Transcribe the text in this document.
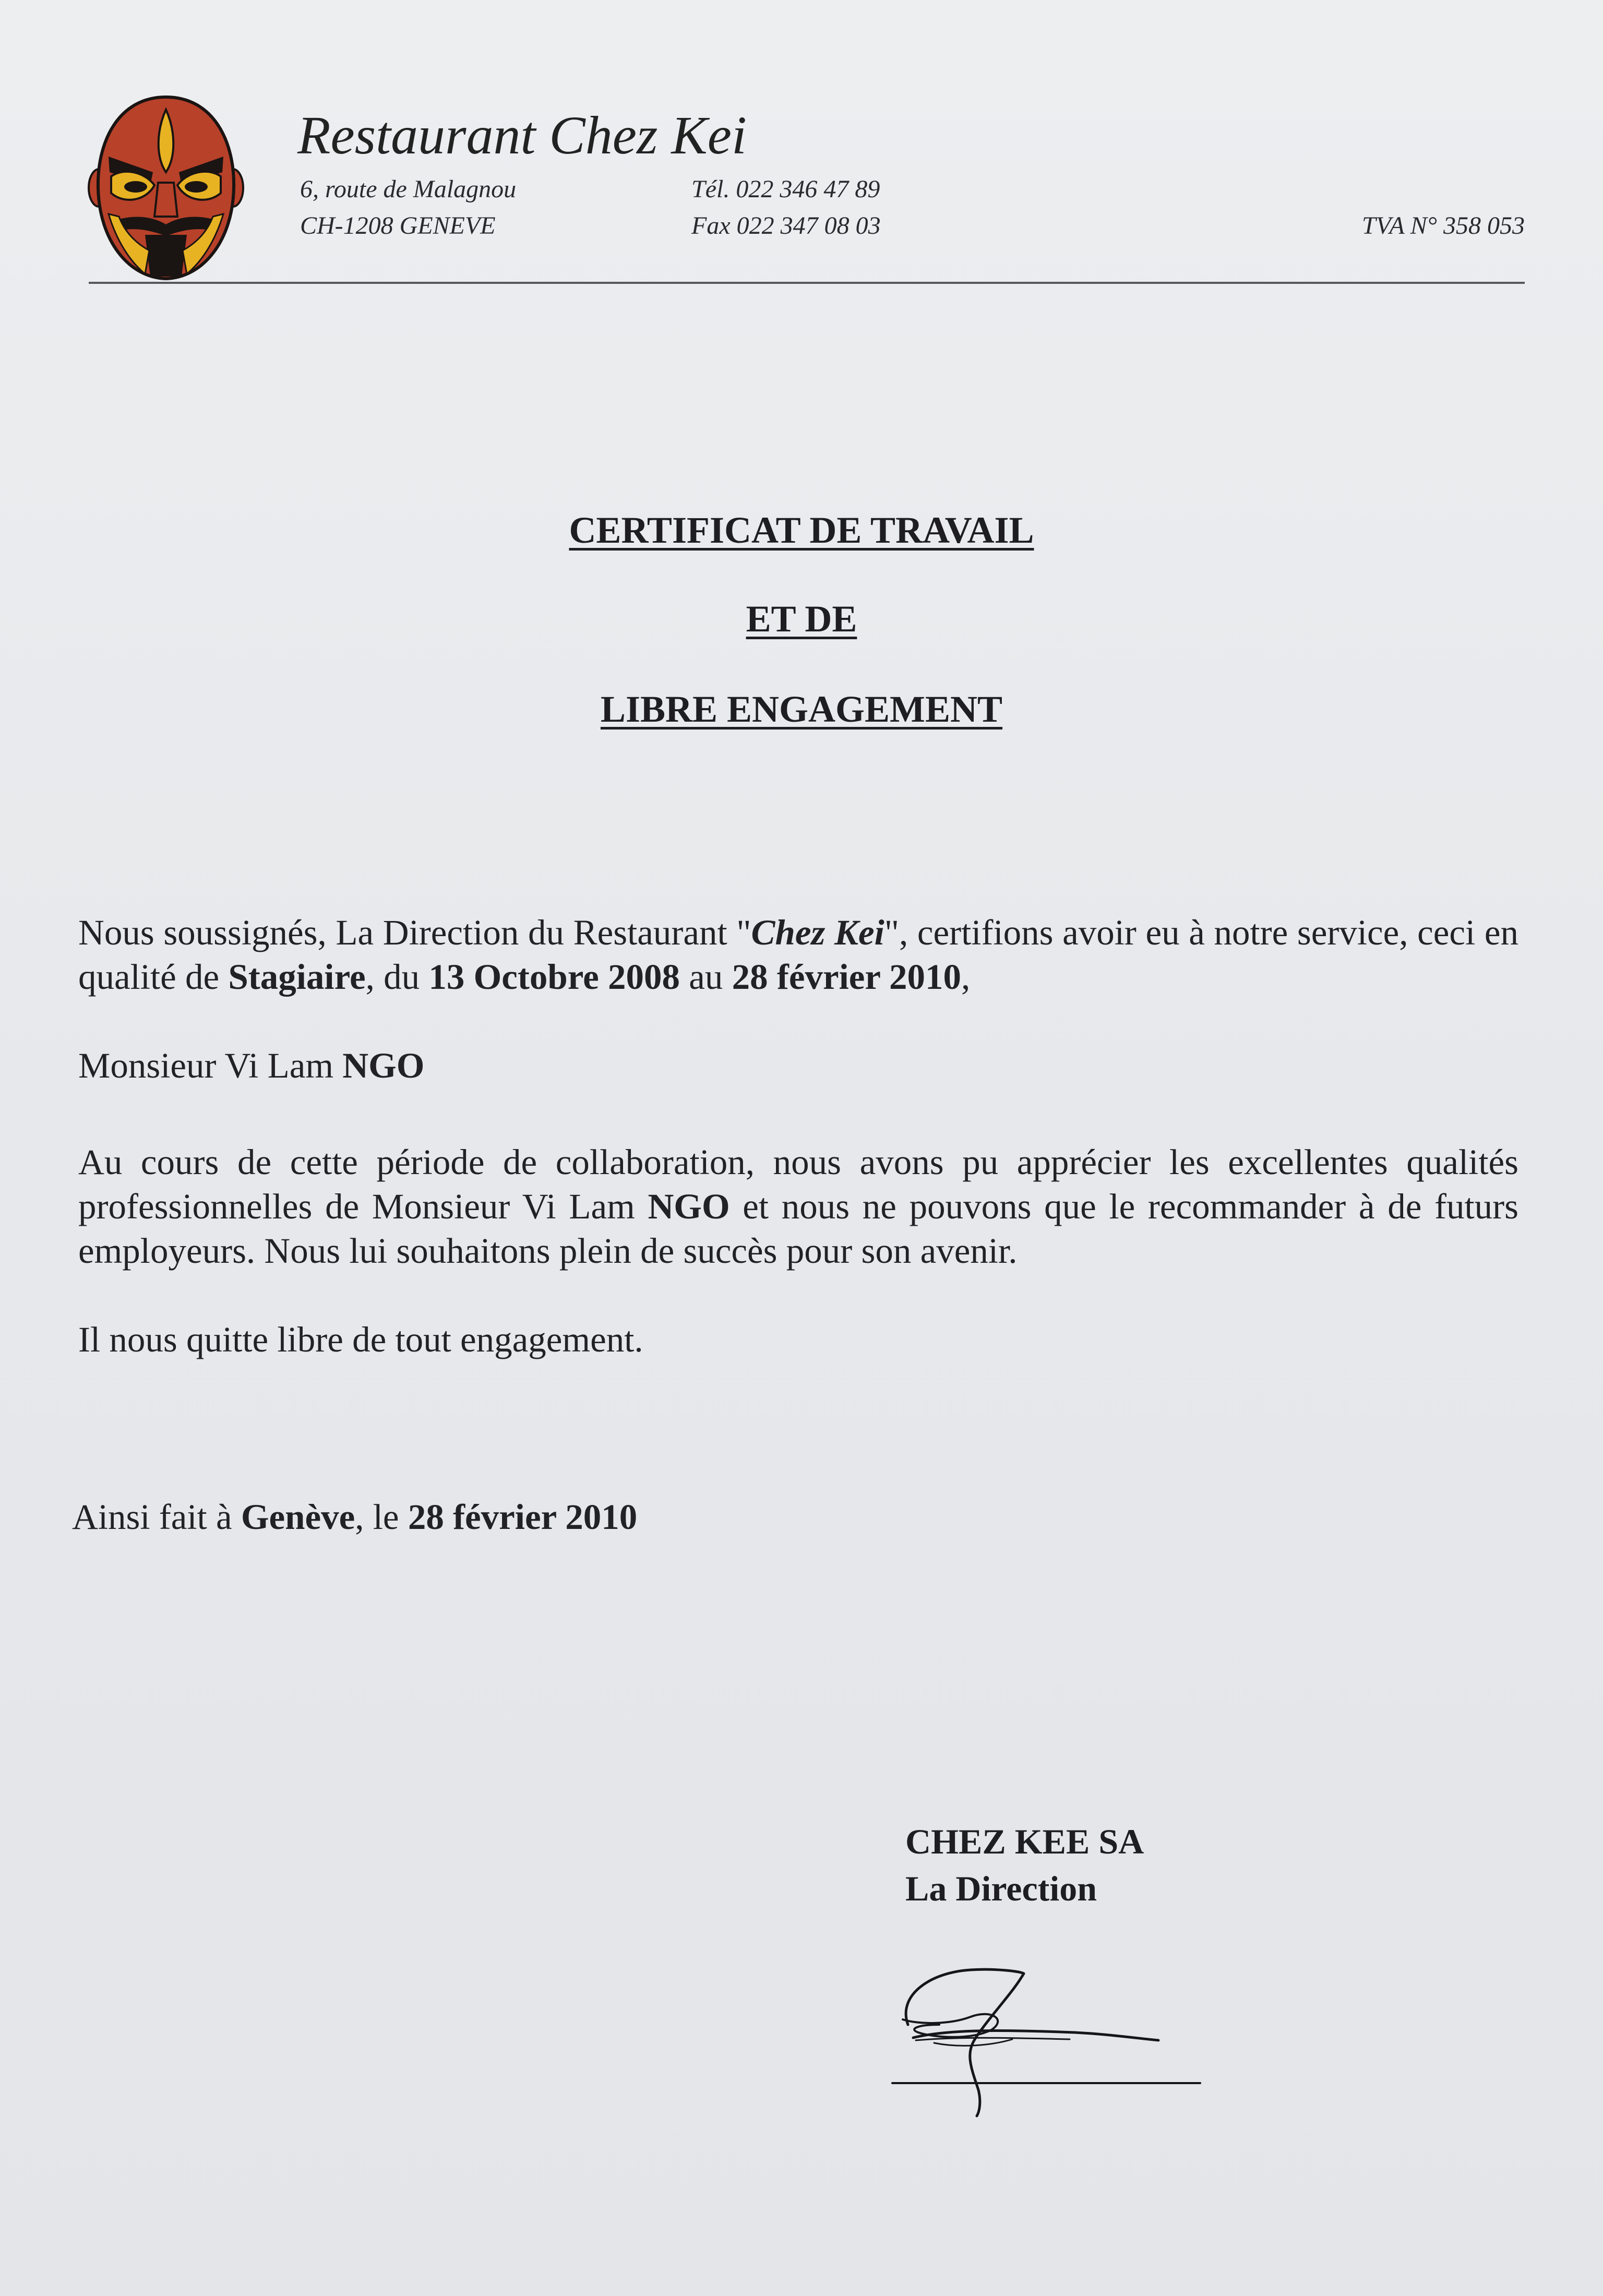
Restaurant Chez Kei
6, route de Malagnou
CH-1208 GENEVE
Tél. 022 346 47 89
Fax 022 347 08 03	TVA N° 358 053
CERTIFICAT DE TRAVAIL
ET DE
LIBRE ENGAGEMENT

Nous soussignés, La Direction du Restaurant "Chez Kei", certifions avoir eu à notre service, ceci en qualité de Stagiaire, du 13 Octobre 2008 au 28 février 2010,

Monsieur Vi Lam NGO

Au cours de cette période de collaboration, nous avons pu apprécier les excellentes qualités professionnelles de Monsieur Vi Lam NGO et nous ne pouvons que le recommander à de futurs employeurs. Nous lui souhaitons plein de succès pour son avenir.

Il nous quitte libre de tout engagement.

Ainsi fait à Genève, le 28 février 2010

CHEZ KEE SA
La Direction
